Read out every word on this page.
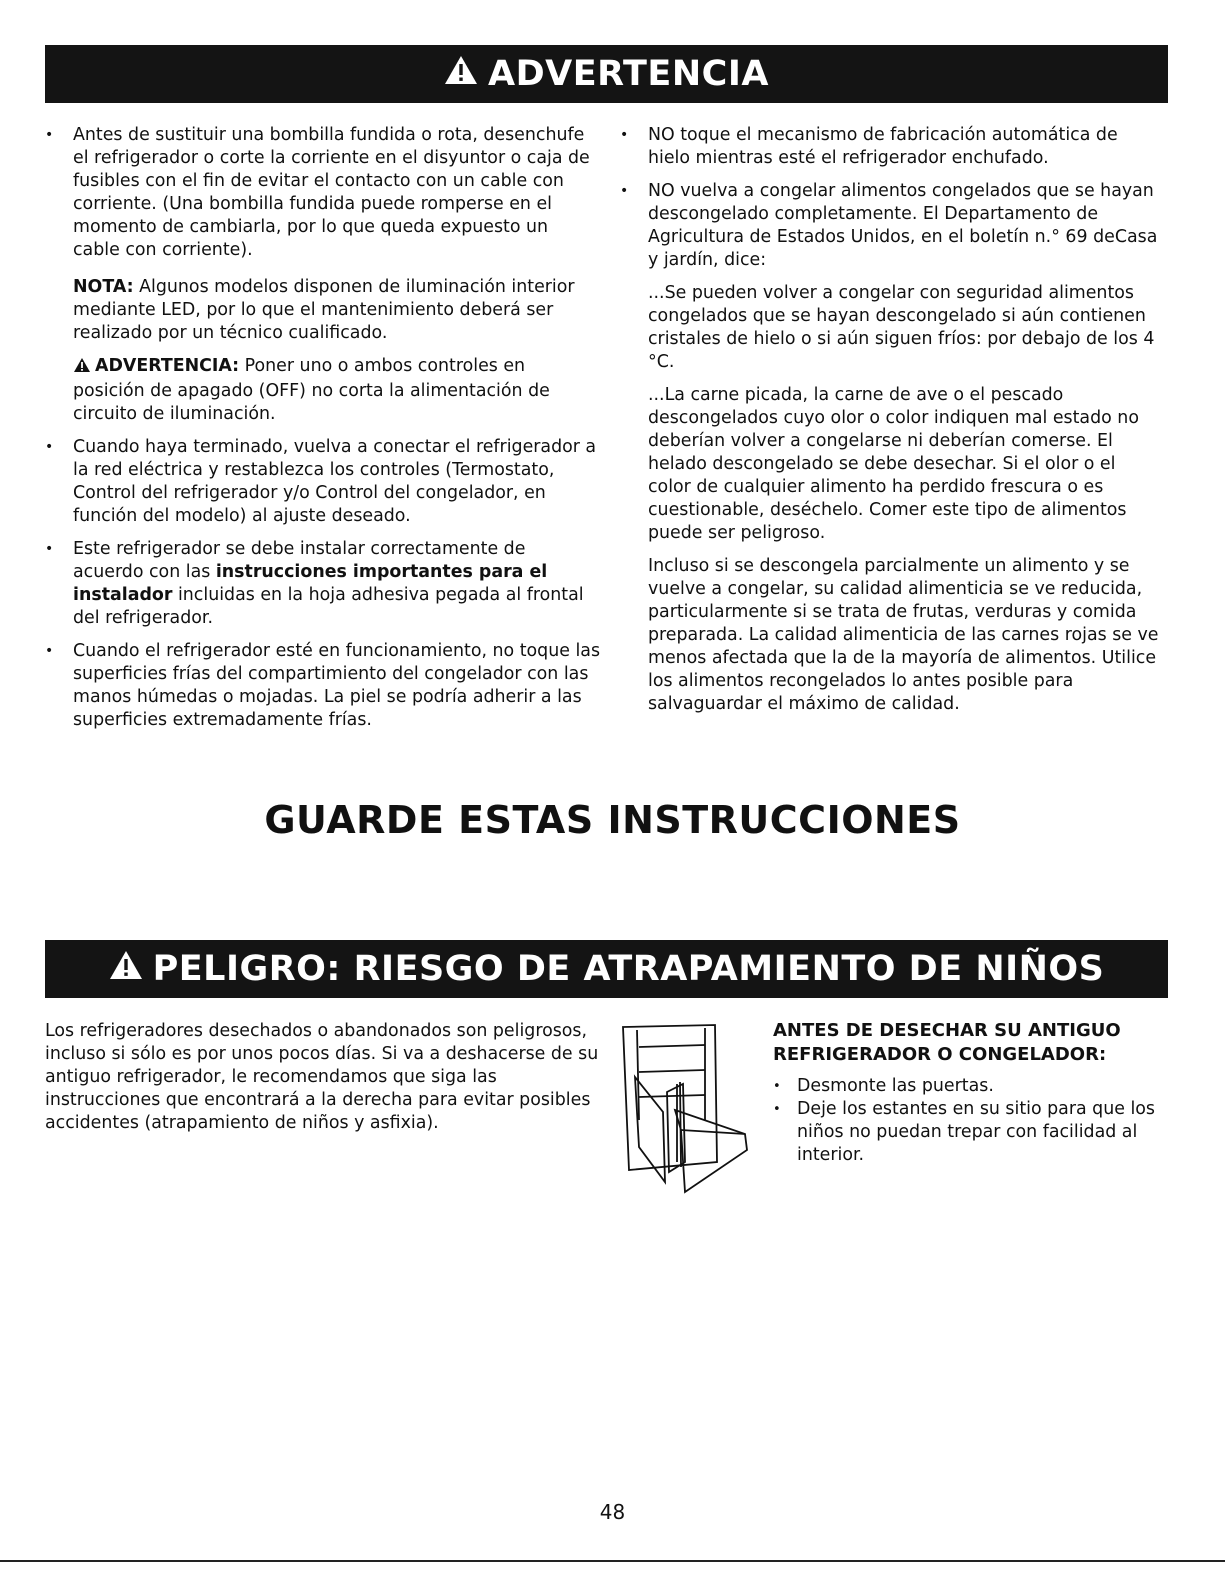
ADVERTENCIA

• Antes de sustituir una bombilla fundida o rota, desenchufe el refrigerador o corte la corriente en el disyuntor o caja de fusibles con el fin de evitar el contacto con un cable con corriente. (Una bombilla fundida puede romperse en el momento de cambiarla, por lo que queda expuesto un cable con corriente).

NOTA: Algunos modelos disponen de iluminación interior mediante LED, por lo que el mantenimiento deberá ser realizado por un técnico cualificado.

ADVERTENCIA: Poner uno o ambos controles en posición de apagado (OFF) no corta la alimentación de circuito de iluminación.

• Cuando haya terminado, vuelva a conectar el refrigerador a la red eléctrica y restablezca los controles (Termostato, Control del refrigerador y/o Control del congelador, en función del modelo) al ajuste deseado.

• Este refrigerador se debe instalar correctamente de acuerdo con las instrucciones importantes para el instalador incluidas en la hoja adhesiva pegada al frontal del refrigerador.

• Cuando el refrigerador esté en funcionamiento, no toque las superficies frías del compartimiento del congelador con las manos húmedas o mojadas. La piel se podría adherir a las superficies extremadamente frías.

• NO toque el mecanismo de fabricación automática de hielo mientras esté el refrigerador enchufado.

• NO vuelva a congelar alimentos congelados que se hayan descongelado completamente. El Departamento de Agricultura de Estados Unidos, en el boletín n.° 69 deCasa y jardín, dice:

...Se pueden volver a congelar con seguridad alimentos congelados que se hayan descongelado si aún contienen cristales de hielo o si aún siguen fríos: por debajo de los 4 °C.

...La carne picada, la carne de ave o el pescado descongelados cuyo olor o color indiquen mal estado no deberían volver a congelarse ni deberían comerse. El helado descongelado se debe desechar. Si el olor o el color de cualquier alimento ha perdido frescura o es cuestionable, deséchelo. Comer este tipo de alimentos puede ser peligroso.

Incluso si se descongela parcialmente un alimento y se vuelve a congelar, su calidad alimenticia se ve reducida, particularmente si se trata de frutas, verduras y comida preparada. La calidad alimenticia de las carnes rojas se ve menos afectada que la de la mayoría de alimentos. Utilice los alimentos recongelados lo antes posible para salvaguardar el máximo de calidad.

GUARDE ESTAS INSTRUCCIONES
PELIGRO: RIESGO DE ATRAPAMIENTO DE NIÑOS
Los refrigeradores desechados o abandonados son peligrosos, incluso si sólo es por unos pocos días. Si va a deshacerse de su antiguo refrigerador, le recomendamos que siga las instrucciones que encontrará a la derecha para evitar posibles accidentes (atrapamiento de niños y asfixia).

ANTES DE DESECHAR SU ANTIGUO REFRIGERADOR O CONGELADOR:

• Desmonte las puertas.

• Deje los estantes en su sitio para que los niños no puedan trepar con facilidad al interior.

48
